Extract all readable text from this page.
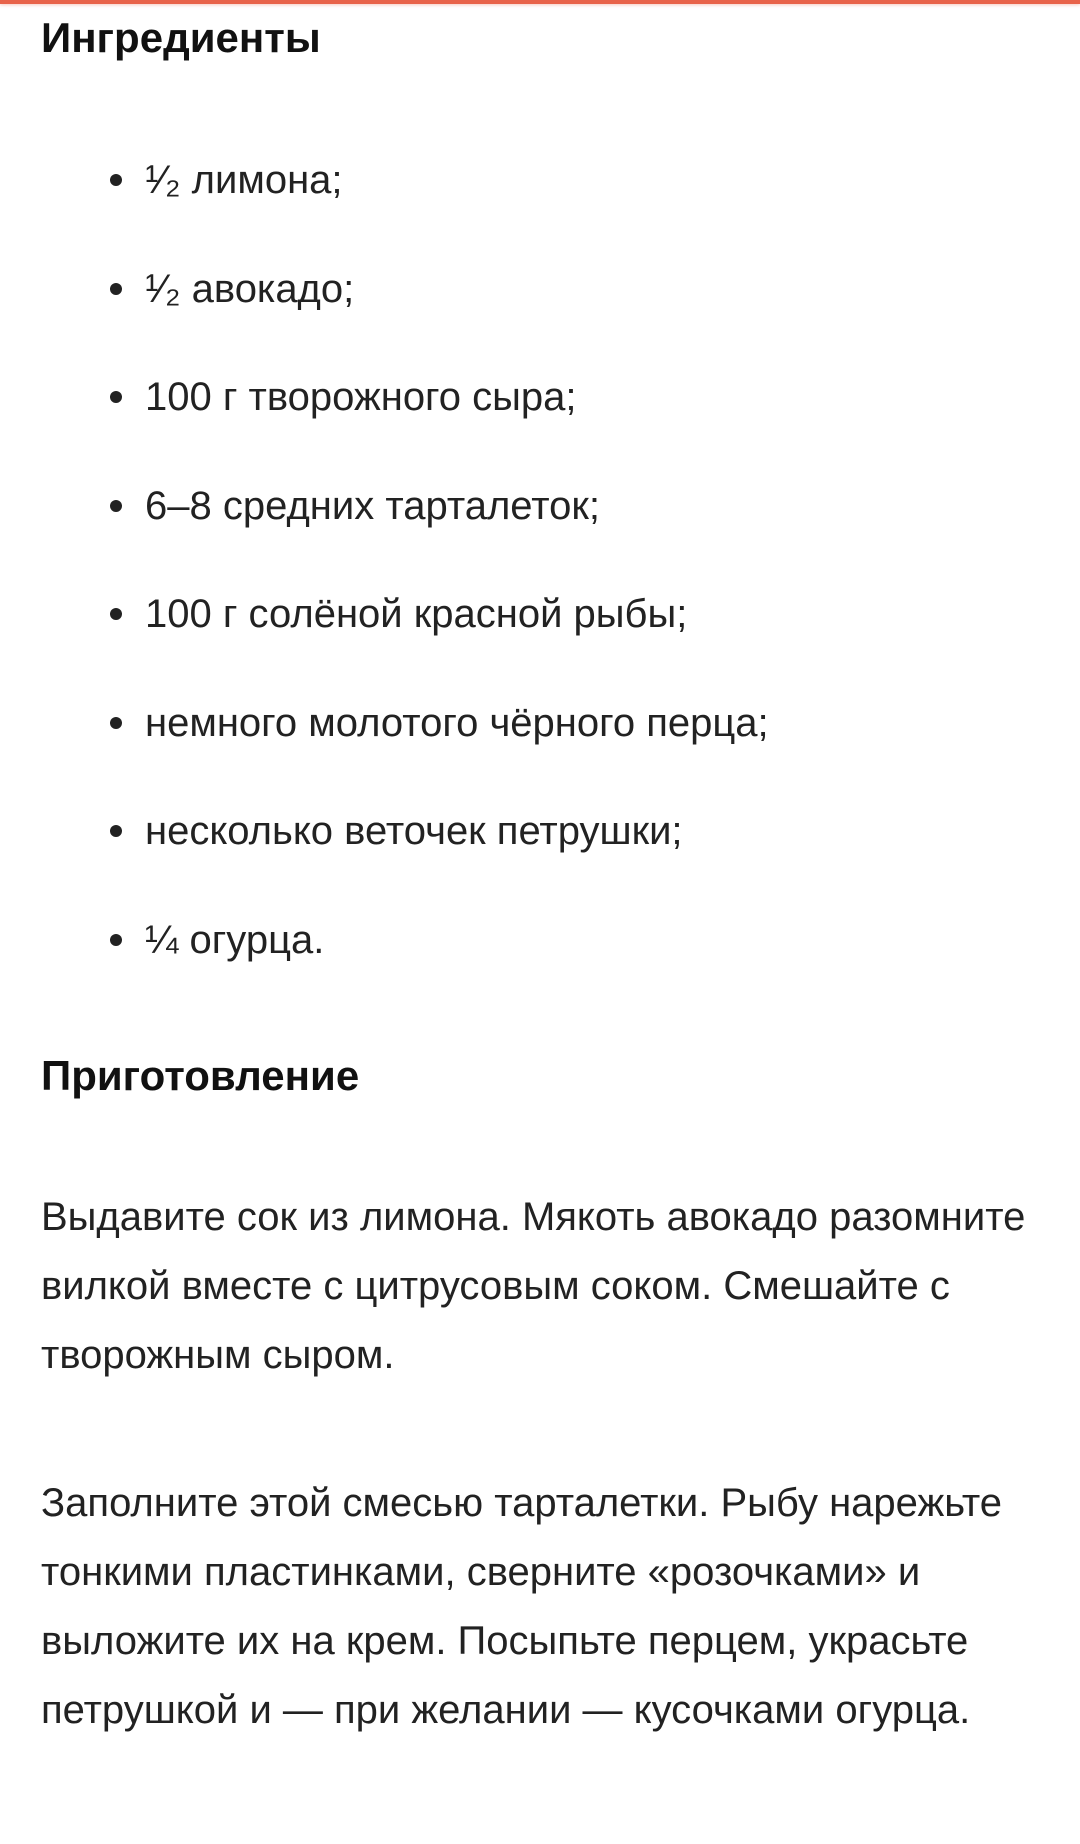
Ингредиенты
¹⁄₂ лимона;
¹⁄₂ авокадо;
100 г творожного сыра;
6–8 средних тарталеток;
100 г солёной красной рыбы;
немного молотого чёрного перца;
несколько веточек петрушки;
¼ огурца.
Приготовление

Выдавите сок из лимона. Мякоть авокадо разомните вилкой вместе с цитрусовым соком. Смешайте с творожным сыром.

Заполните этой смесью тарталетки. Рыбу нарежьте тонкими пластинками, сверните «розочками» и выложите их на крем. Посыпьте перцем, украсьте петрушкой и — при желании — кусочками огурца.
